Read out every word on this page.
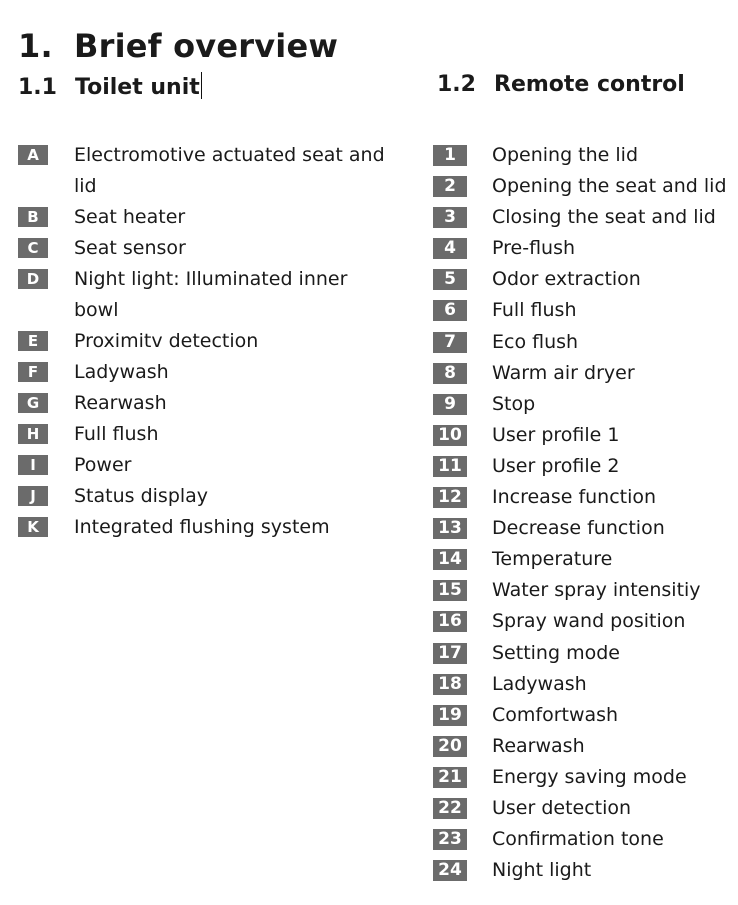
1. Brief overview
1.1 Toilet unit	1.2 Remote control
A	Electromotive actuated seat and lid
B	Seat heater
C	Seat sensor
D	Night light: Illuminated inner bowl
E	Proximitv detection
F	Ladywash
G	Rearwash
H	Full flush
I	Power
J	Status display
K	Integrated flushing system
1	Opening the lid
2	Opening the seat and lid
3	Closing the seat and lid
4	Pre-flush
5	Odor extraction
6	Full flush
7	Eco flush
8	Warm air dryer
9	Stop
10 User profile 1
11 User profile 2
12 Increase function
13 Decrease function
14 Temperature
15 Water spray intensitiy
16 Spray wand position
17 Setting mode
18 Ladywash
19 Comfortwash
20 Rearwash
21 Energy saving mode
22 User detection
23 Confirmation tone
24 Night light
